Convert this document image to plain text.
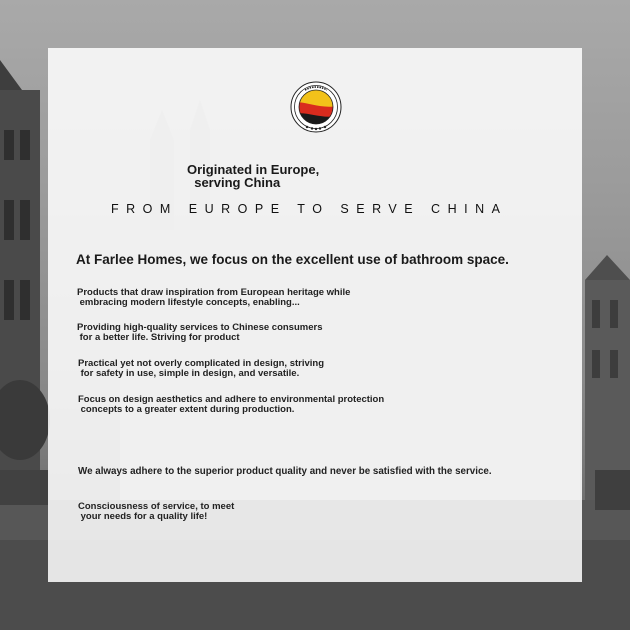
Originated in Europe,
serving China

FROM EUROPE TO SERVE CHINA

At Farlee Homes, we focus on the excellent use of bathroom space.

Products that draw inspiration from European heritage while
embracing modern lifestyle concepts, enabling...

Providing high-quality services to Chinese consumers
for a better life. Striving for product

Practical yet not overly complicated in design, striving
for safety in use, simple in design, and versatile.

Focus on design aesthetics and adhere to environmental protection
concepts to a greater extent during production.

We always adhere to the superior product quality and never be satisfied with the service.

Consciousness of service, to meet
your needs for a quality life!
